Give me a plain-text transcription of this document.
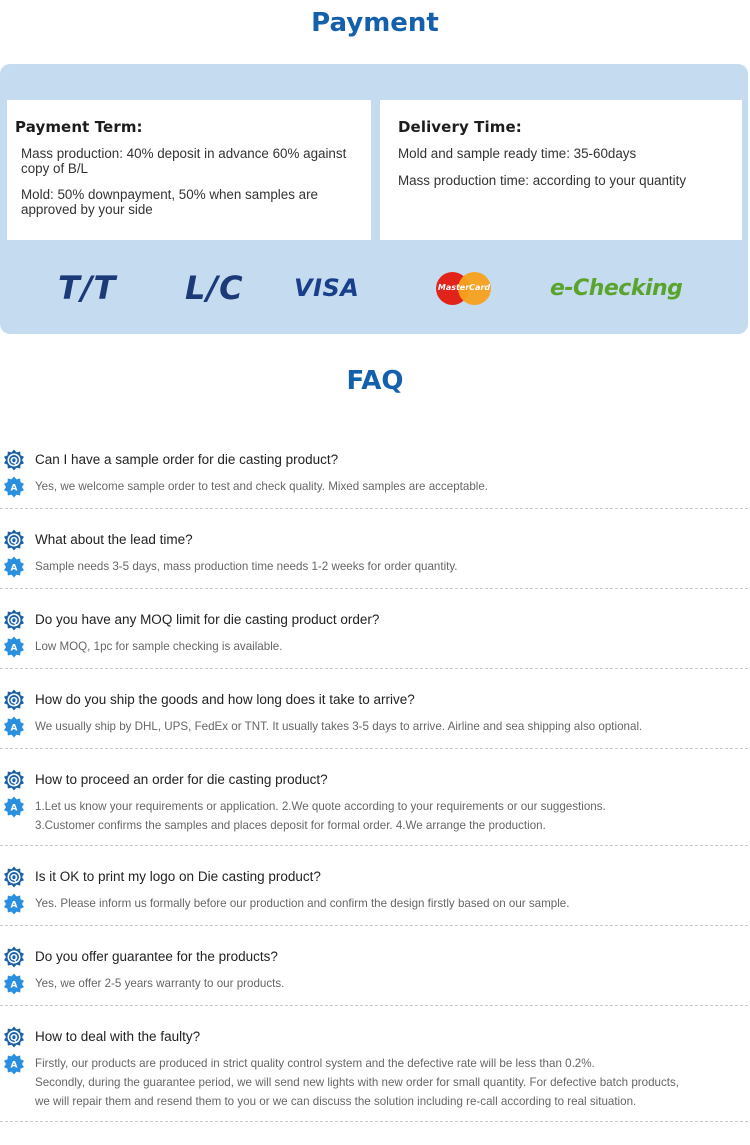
Payment

Payment Term:

Mass production: 40% deposit in advance 60% against copy of B/L

Mold: 50% downpayment, 50% when samples are approved by your side

Delivery Time:

Mold and sample ready time: 35-60days

Mass production time: according to your quantity

T/T L/C VISA	MasterCard	e-Checking
FAQ
Q Can I have a sample order for die casting product?
A Yes, we welcome sample order to test and check quality. Mixed samples are acceptable.
Q What about the lead time?
A Sample needs 3-5 days, mass production time needs 1-2 weeks for order quantity.
Q Do you have any MOQ limit for die casting product order?
A Low MOQ, 1pc for sample checking is available.
Q How do you ship the goods and how long does it take to arrive?
A We usually ship by DHL, UPS, FedEx or TNT. It usually takes 3-5 days to arrive. Airline and sea shipping also optional.
Q How to proceed an order for die casting product?
A 1.Let us know your requirements or application. 2.We quote according to your requirements or our suggestions.
3.Customer confirms the samples and places deposit for formal order. 4.We arrange the production.
Q Is it OK to print my logo on Die casting product?
A Yes. Please inform us formally before our production and confirm the design firstly based on our sample.
Q Do you offer guarantee for the products?
A Yes, we offer 2-5 years warranty to our products.
Q How to deal with the faulty?
A Firstly, our products are produced in strict quality control system and the defective rate will be less than 0.2%.
Secondly, during the guarantee period, we will send new lights with new order for small quantity. For defective batch products,
we will repair them and resend them to you or we can discuss the solution including re-call according to real situation.
